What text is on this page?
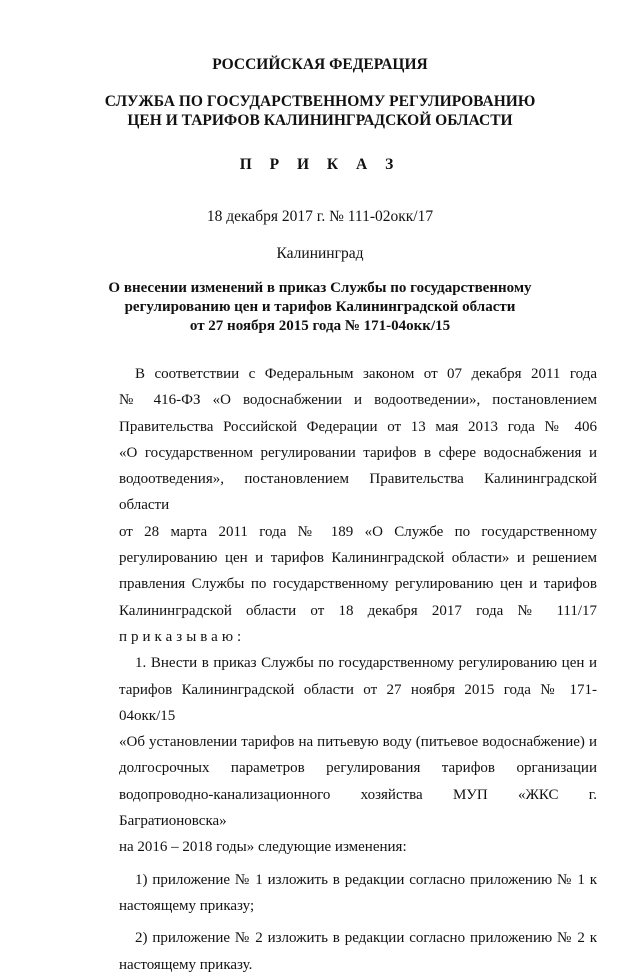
РОССИЙСКАЯ ФЕДЕРАЦИЯ
СЛУЖБА ПО ГОСУДАРСТВЕННОМУ РЕГУЛИРОВАНИЮ
ЦЕН И ТАРИФОВ КАЛИНИНГРАДСКОЙ ОБЛАСТИ
П Р И К А З
18 декабря 2017 г. № 111-02окк/17
Калининград
О внесении изменений в приказ Службы по государственному
регулированию цен и тарифов Калининградской области
от 27 ноября 2015 года № 171-04окк/15

В соответствии с Федеральным законом от 07 декабря 2011 года

№ 416-ФЗ «О водоснабжении и водоотведении», постановлением

Правительства Российской Федерации от 13 мая 2013 года № 406

«О государственном регулировании тарифов в сфере водоснабжения и

водоотведения», постановлением Правительства Калининградской области

от 28 марта 2011 года № 189 «О Службе по государственному

регулированию цен и тарифов Калининградской области» и решением

правления Службы по государственному регулированию цен и тарифов

Калининградской области от 18 декабря 2017 года № 111/17 приказываю:

1. Внести в приказ Службы по государственному регулированию цен и

тарифов Калининградской области от 27 ноября 2015 года № 171-04окк/15

«Об установлении тарифов на питьевую воду (питьевое водоснабжение) и

долгосрочных параметров регулирования тарифов организации

водопроводно-канализационного хозяйства МУП «ЖКС г. Багратионовска»

на 2016 – 2018 годы» следующие изменения:

1) приложение № 1 изложить в редакции согласно приложению № 1 к

настоящему приказу;

2) приложение № 2 изложить в редакции согласно приложению № 2 к

настоящему приказу.
